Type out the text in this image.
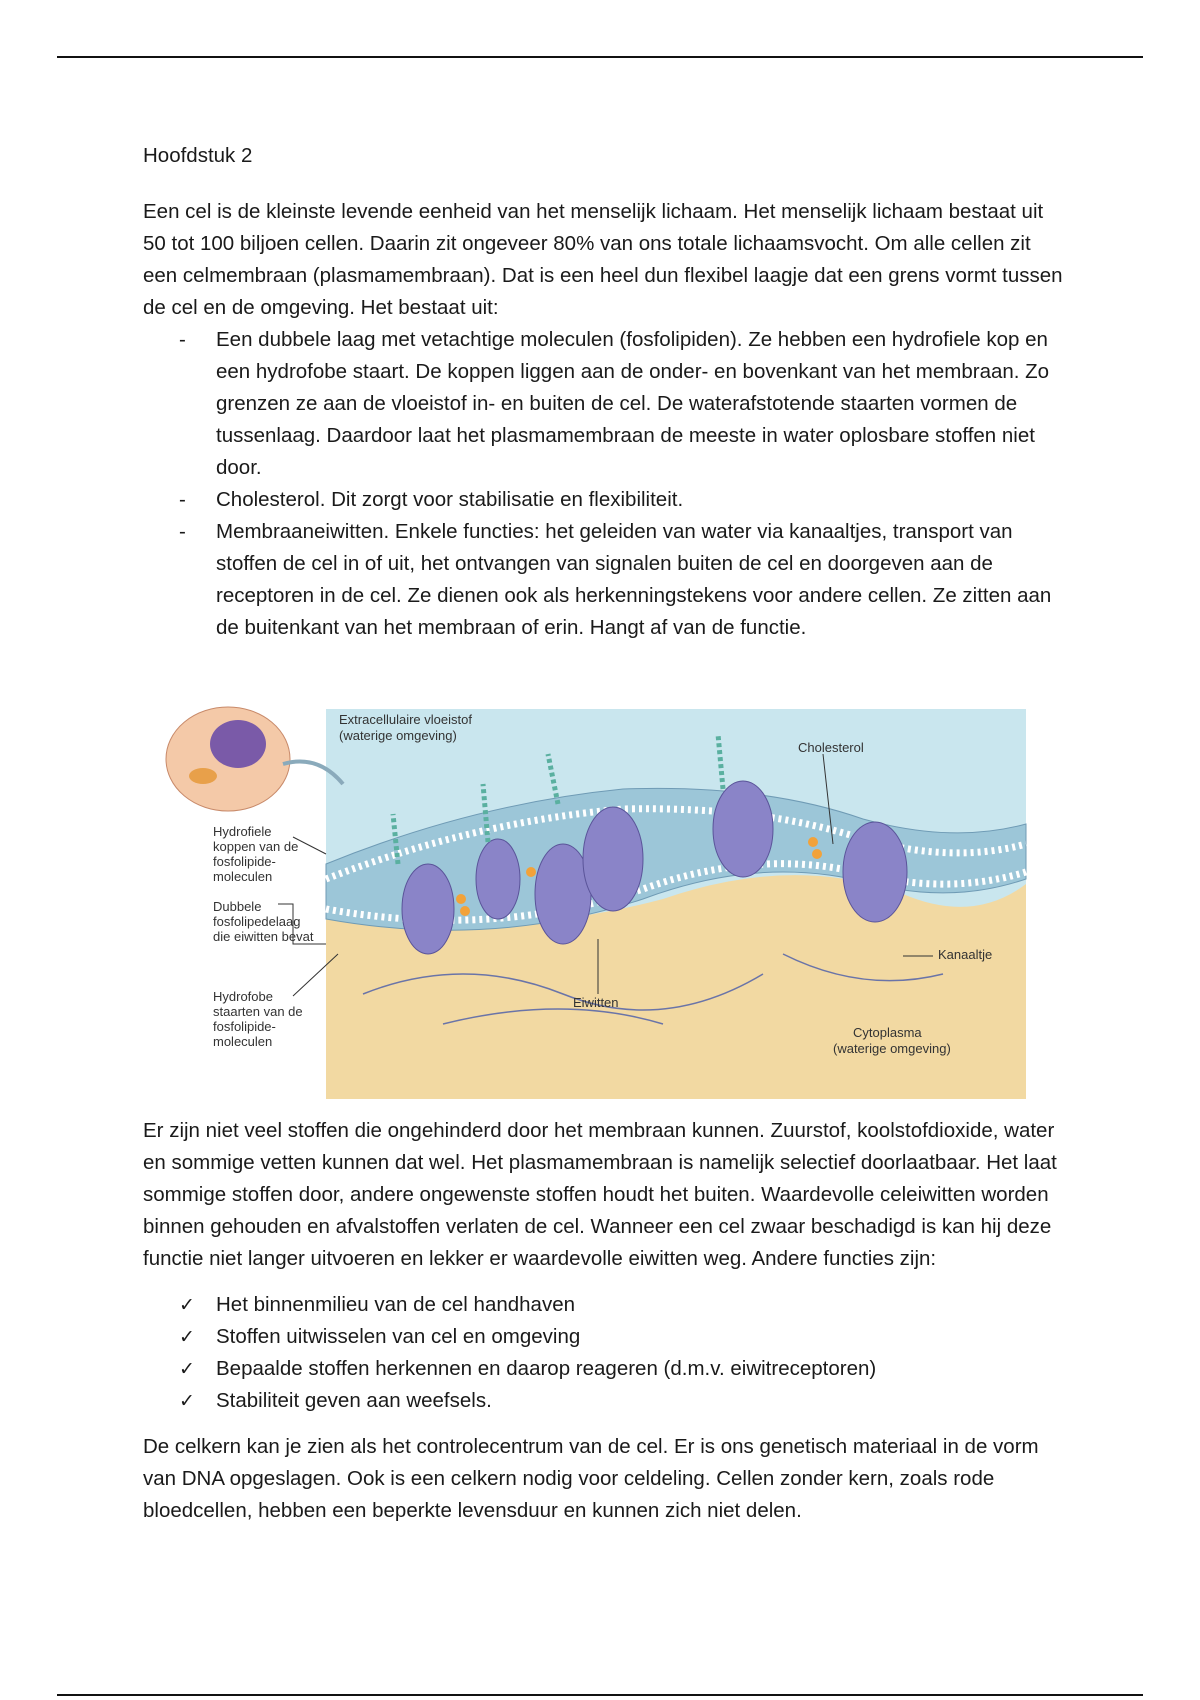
Hoofdstuk 2

Een cel is de kleinste levende eenheid van het menselijk lichaam. Het menselijk lichaam bestaat uit 50 tot 100 biljoen cellen. Daarin zit ongeveer 80% van ons totale lichaamsvocht. Om alle cellen zit een celmembraan (plasmamembraan). Dat is een heel dun flexibel laagje dat een grens vormt tussen de cel en de omgeving. Het bestaat uit:

- Een dubbele laag met vetachtige moleculen (fosfolipiden). Ze hebben een hydrofiele kop en een hydrofobe staart. De koppen liggen aan de onder- en bovenkant van het membraan. Zo grenzen ze aan de vloeistof in- en buiten de cel. De waterafstotende staarten vormen de tussenlaag. Daardoor laat het plasmamembraan de meeste in water oplosbare stoffen niet door.
- Cholesterol. Dit zorgt voor stabilisatie en flexibiliteit.
- Membraaneiwitten. Enkele functies: het geleiden van water via kanaaltjes, transport van stoffen de cel in of uit, het ontvangen van signalen buiten de cel en doorgeven aan de receptoren in de cel. Ze dienen ook als herkenningstekens voor andere cellen. Ze zitten aan de buitenkant van het membraan of erin. Hangt af van de functie.
Extracellulaire vloeistof
(waterige omgeving)
Cholesterol
Eiwitten
Kanaaltje
Cytoplasma
(waterige omgeving)
Hydrofiele koppen van de fosfolipide-moleculen
Dubbele fosfolipedelaag die eiwitten bevat
Hydrofobe staarten van de fosfolipide-moleculen

Er zijn niet veel stoffen die ongehinderd door het membraan kunnen. Zuurstof, koolstofdioxide, water en sommige vetten kunnen dat wel. Het plasmamembraan is namelijk selectief doorlaatbaar. Het laat sommige stoffen door, andere ongewenste stoffen houdt het buiten. Waardevolle celeiwitten worden binnen gehouden en afvalstoffen verlaten de cel. Wanneer een cel zwaar beschadigd is kan hij deze functie niet langer uitvoeren en lekker er waardevolle eiwitten weg. Andere functies zijn:

✓ Het binnenmilieu van de cel handhaven
✓ Stoffen uitwisselen van cel en omgeving
✓ Bepaalde stoffen herkennen en daarop reageren (d.m.v. eiwitreceptoren)
✓ Stabiliteit geven aan weefsels.

De celkern kan je zien als het controlecentrum van de cel. Er is ons genetisch materiaal in de vorm van DNA opgeslagen. Ook is een celkern nodig voor celdeling. Cellen zonder kern, zoals rode bloedcellen, hebben een beperkte levensduur en kunnen zich niet delen.
